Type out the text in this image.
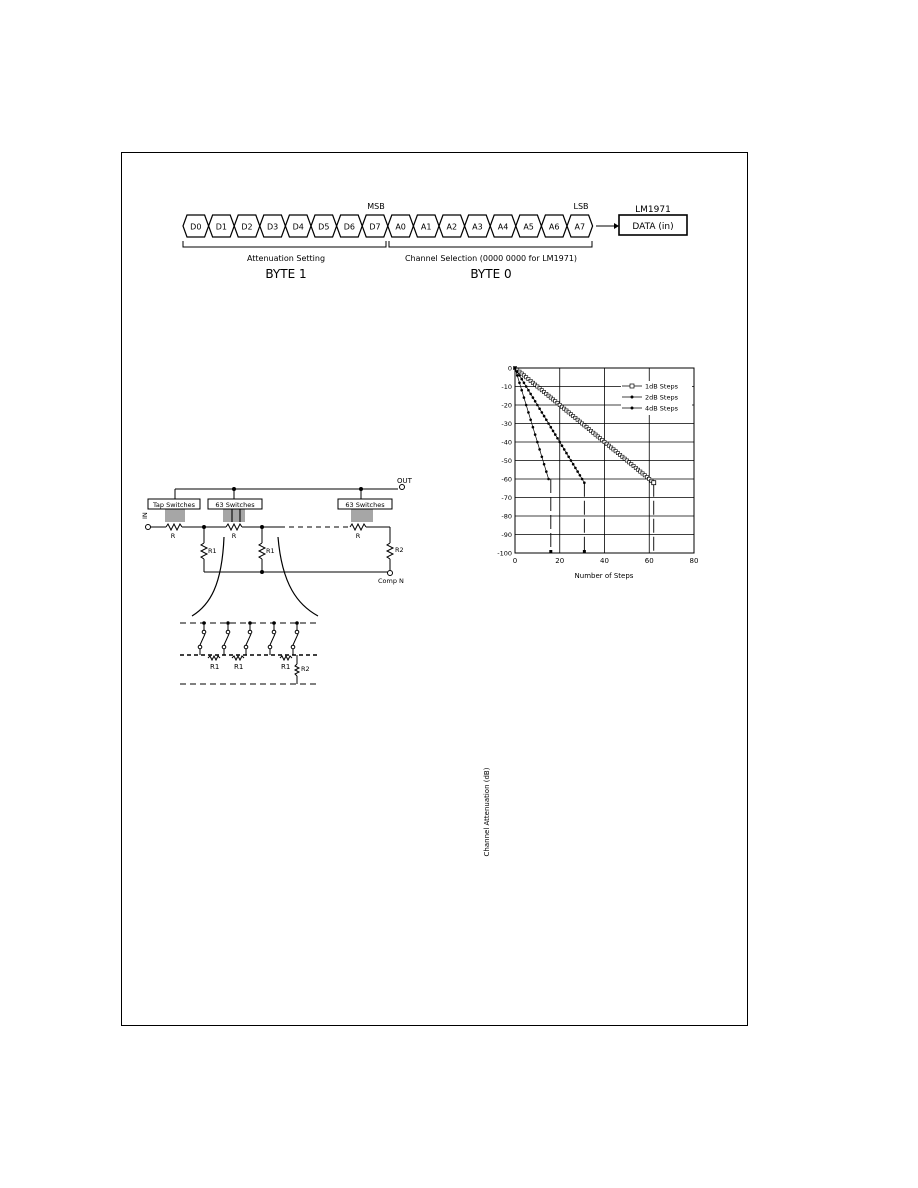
D0 D1 D2 D3 D4 D5 D6 D7 A0 A1 A2 A3 A4 A5 A6 A7
MSB	LSB	LM1971
DATA (in)
Attenuation Setting	Channel Selection (0000 0000 for LM1971)
BYTE 1	BYTE 0
0	20	40	60	80
0
-10
-20
-30
-40
-50
-60
-70
-80
-90
-100
1dB Steps
2dB Steps
4dB Steps
Number of Steps
Channel Attenuation (dB)
OUT
Tap Switches	63 Switches	63 Switches
IN
R	R	R
R1	R1	R2
Comp N
R1 R1	R1 R2
